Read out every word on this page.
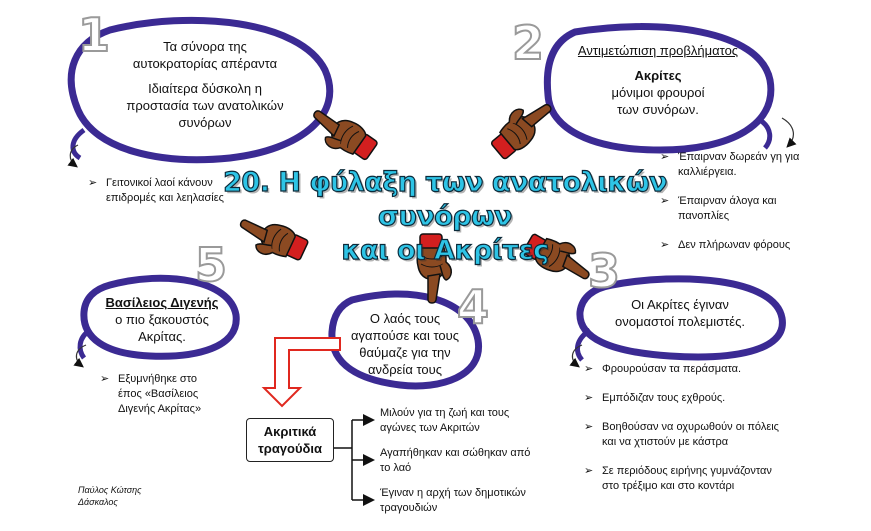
1	2
3
4
5
20. Η φύλαξη των ανατολικών συνόρων
και οι Ακρίτες

Τα σύνορα της

αυτοκρατορίας απέραντα

Ιδιαίτερα δύσκολη η

προστασία των ανατολικών

συνόρων

➢ Γειτονικοί λαοί κάνουν επιδρομές και λεηλασίες

Αντιμετώπιση προβλήματος

Ακρίτες

μόνιμοι φρουροί

των συνόρων.

➢ Έπαιρναν δωρεάν γη για καλλιέργεια.
➢ Έπαιρναν άλογα και πανοπλίες
➢ Δεν πλήρωναν φόρους

Οι Ακρίτες έγιναν

ονομαστοί πολεμιστές.

➢ Φρουρούσαν τα περάσματα.
➢ Εμπόδιζαν τους εχθρούς.
➢ Βοηθούσαν να οχυρωθούν οι πόλεις και να χτιστούν με κάστρα
➢ Σε περιόδους ειρήνης γυμνάζονταν στο τρέξιμο και στο κοντάρι

Ο λαός τους

αγαπούσε και τους

θαύμαζε για την

ανδρεία τους

Βασίλειος Διγενής

ο πιο ξακουστός

Ακρίτας.

➢ Εξυμνήθηκε στο έπος «Βασίλειος Διγενής Ακρίτας»
Ακριτικά
τραγούδια
Μιλούν για τη ζωή και τους αγώνες των Ακριτών
Αγαπήθηκαν και σώθηκαν από το λαό
Έγιναν η αρχή των δημοτικών τραγουδιών
Παύλος Κώτσης
Δάσκαλος
